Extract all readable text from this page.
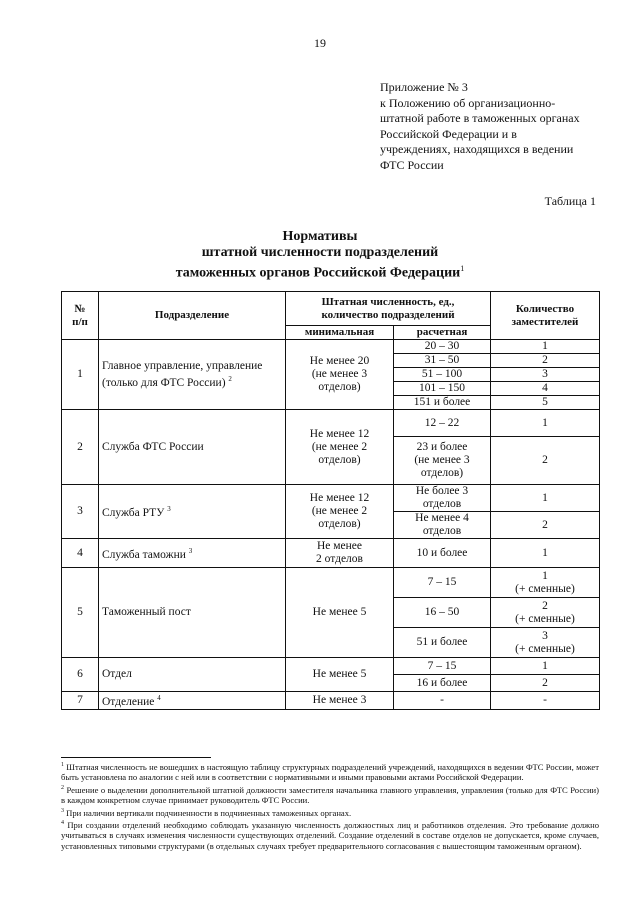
19
Приложение № 3
к Положению об организационно-
штатной работе в таможенных органах
Российской Федерации и в
учреждениях, находящихся в ведении
ФТС России
Таблица 1
Нормативы
штатной численности подразделений
таможенных органов Российской Федерации$^1$
№
п/п	Подразделение	Штатная численность, ед.,
количество подразделений		Количество
заместителей
		минимальная	расчетная	
1	Главное управление, управление (только для ФТС России) $^2$	Не менее 20
(не менее 3
отделов)	20 – 30	1
			31 – 50	2
			51 – 100	3
			101 – 150	4
			151 и более	5
2	Служба ФТС России	Не менее 12
(не менее 2
отделов)	12 – 22	1
			23 и более
(не менее 3
отделов)	2
3	Служба РТУ $^3$	Не менее 12
(не менее 2
отделов)	Не более 3
отделов	1
			Не менее 4
отделов	2
4	Служба таможни $^3$	Не менее
2 отделов	10 и более	1
5	Таможенный пост	Не менее 5	7 – 15	1
(+ сменные)
			16 – 50	2
(+ сменные)
			51 и более	3
(+ сменные)
6	Отдел	Не менее 5	7 – 15	1
			16 и более	2
7	Отделение $^4$	Не менее 3	-	-

$^1$ Штатная численность не вошедших в настоящую таблицу структурных подразделений учреждений, находящихся в ведении ФТС России, может быть установлена по аналогии с ней или в соответствии с нормативными и иными правовыми актами Российской Федерации.

$^2$ Решение о выделении дополнительной штатной должности заместителя начальника главного управления, управления (только для ФТС России) в каждом конкретном случае принимает руководитель ФТС России.

$^3$ При наличии вертикали подчиненности в подчиненных таможенных органах.

$^4$ При создании отделений необходимо соблюдать указанную численность должностных лиц и работников отделения. Это требование должно учитываться в случаях изменения численности существующих отделений. Создание отделений в составе отделов не допускается, кроме случаев, установленных типовыми структурами (в отдельных случаях требует предварительного согласования с вышестоящим таможенным органом).
